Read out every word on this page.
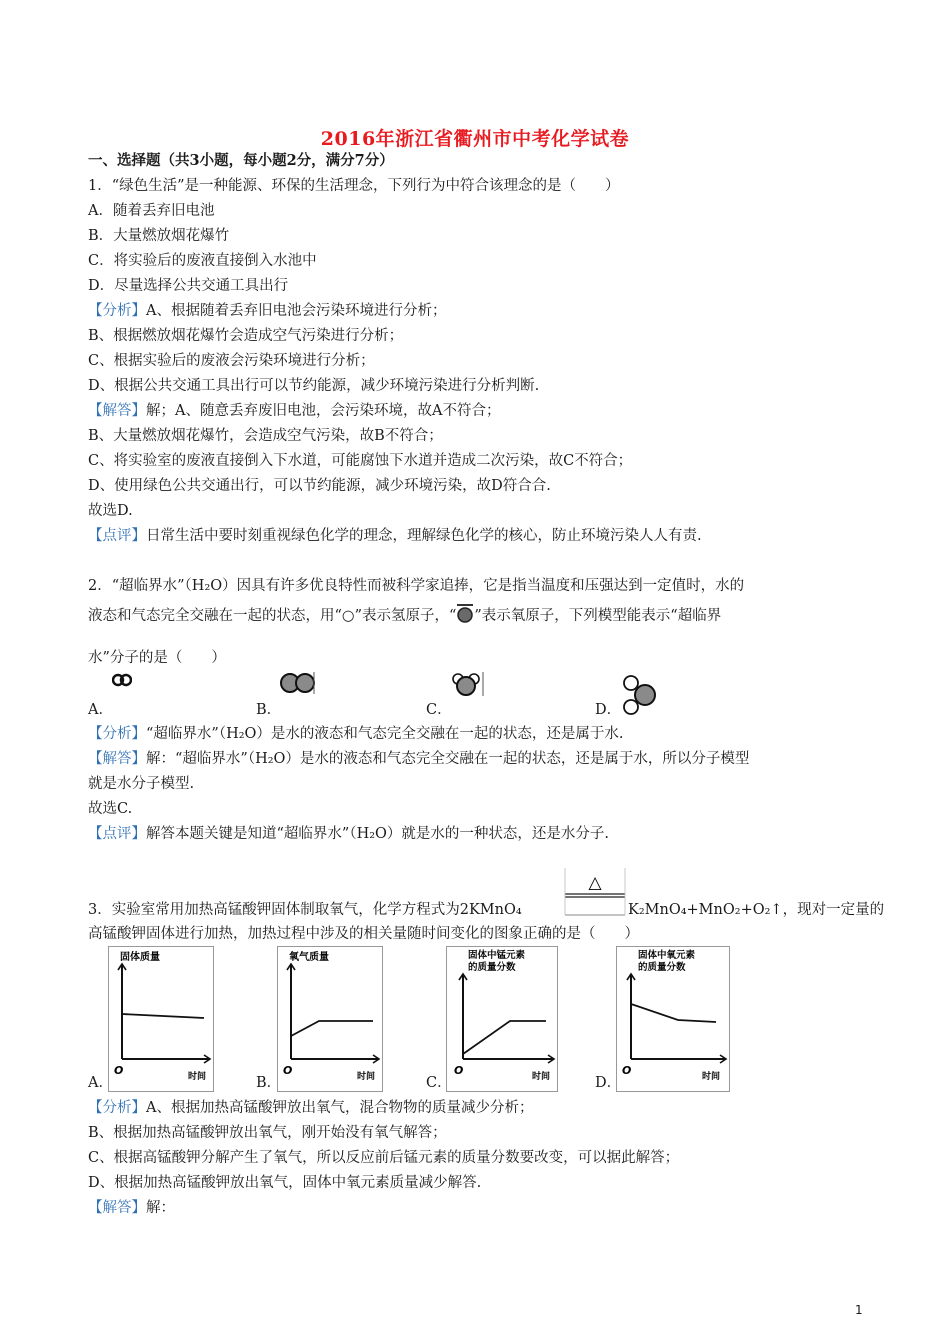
2016年浙江省衢州市中考化学试卷
一、选择题（共3小题，每小题2分，满分7分）
1．“绿色生活”是一种能源、环保的生活理念，下列行为中符合该理念的是（　　）
A．随着丢弃旧电池
B．大量燃放烟花爆竹
C．将实验后的废液直接倒入水池中
D．尽量选择公共交通工具出行
【分析】A、根据随着丢弃旧电池会污染环境进行分析；
B、根据燃放烟花爆竹会造成空气污染进行分析；
C、根据实验后的废液会污染环境进行分析；
D、根据公共交通工具出行可以节约能源，减少环境污染进行分析判断.
【解答】解；A、随意丢弃废旧电池，会污染环境，故A不符合；
B、大量燃放烟花爆竹，会造成空气污染，故B不符合；
C、将实验室的废液直接倒入下水道，可能腐蚀下水道并造成二次污染，故C不符合；
D、使用绿色公共交通出行，可以节约能源，减少环境污染，故D符合合.
故选D.
【点评】日常生活中要时刻重视绿色化学的理念，理解绿色化学的核心，防止环境污染人人有责.
2．“超临界水”（H₂O）因具有许多优良特性而被科学家追捧，它是指当温度和压强达到一定值时，水的
液态和气态完全交融在一起的状态，用“○”表示氢原子，“ ”表示氧原子，下列模型能表示“超临界
水”分子的是（　　）
A．	B．	C．	D．
【分析】“超临界水”（H₂O）是水的液态和气态完全交融在一起的状态，还是属于水.
【解答】解：“超临界水”（H₂O）是水的液态和气态完全交融在一起的状态，还是属于水，所以分子模型
就是水分子模型.
故选C.
【点评】解答本题关键是知道“超临界水”（H₂O）就是水的一种状态，还是水分子.
△
3．实验室常用加热高锰酸钾固体制取氧气，化学方程式为2KMnO₄	K₂MnO₄+MnO₂+O₂↑，现对一定量的
高锰酸钾固体进行加热，加热过程中涉及的相关量随时间变化的图象正确的是（　　）
固体质量
O	时间
氧气质量
O	时间
固体中锰元素
的质量分数
O	时间
固体中氧元素
的质量分数
O	时间
A．	B．	C．	D．
【分析】A、根据加热高锰酸钾放出氧气，混合物物的质量减少分析；
B、根据加热高锰酸钾放出氧气，刚开始没有氧气解答；
C、根据高锰酸钾分解产生了氧气，所以反应前后锰元素的质量分数要改变，可以据此解答；
D、根据加热高锰酸钾放出氧气，固体中氧元素质量减少解答.
【解答】解：
1
